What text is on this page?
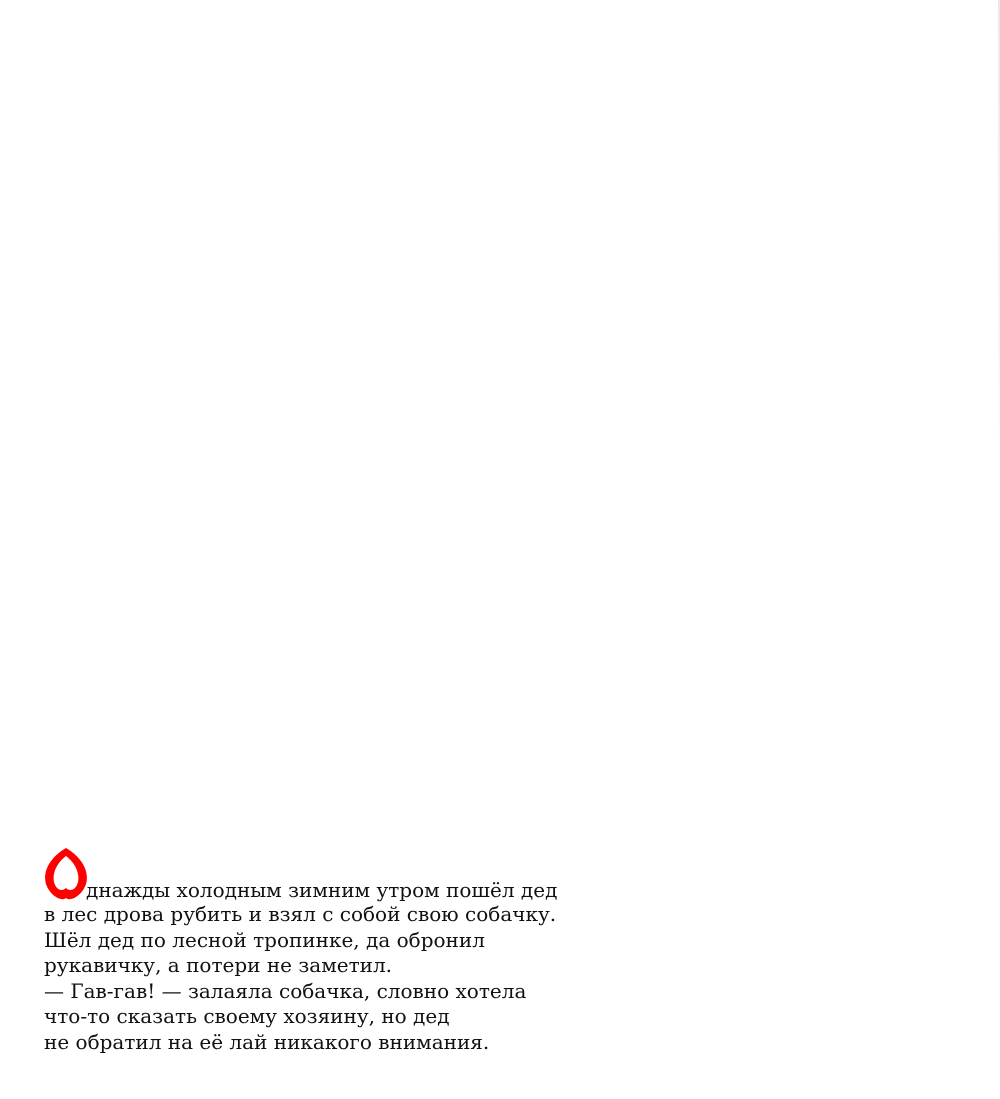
днажды холодным зимним утром пошёл дед
в лес дрова рубить и взял с собой свою собачку.
Шёл дед по лесной тропинке, да обронил
рукавичку, а потери не заметил.
— Гав-гав! — залаяла собачка, словно хотела
что-то сказать своему хозяину, но дед
не обратил на её лай никакого внимания.
